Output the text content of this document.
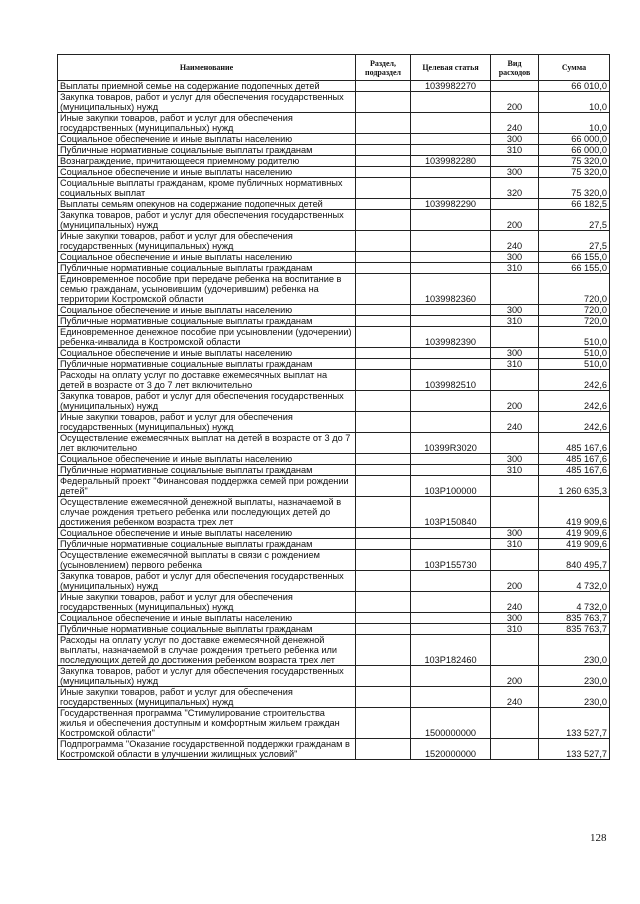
Наименование	Раздел, подраздел	Целевая статья	Вид расходов	Сумма
Выплаты приемной семье на содержание подопечных детей		1039982270		66 010,0
Закупка товаров, работ и услуг для обеспечения государственных (муниципальных) нужд			200	10,0
Иные закупки товаров, работ и услуг для обеспечения государственных (муниципальных) нужд			240	10,0
Социальное обеспечение и иные выплаты населению			300	66 000,0
Публичные нормативные социальные выплаты гражданам			310	66 000,0
Вознаграждение, причитающееся приемному родителю		1039982280		75 320,0
Социальное обеспечение и иные выплаты населению			300	75 320,0
Социальные выплаты гражданам, кроме публичных нормативных социальных выплат			320	75 320,0
Выплаты семьям опекунов на содержание подопечных детей		1039982290		66 182,5
Закупка товаров, работ и услуг для обеспечения государственных (муниципальных) нужд			200	27,5
Иные закупки товаров, работ и услуг для обеспечения государственных (муниципальных) нужд			240	27,5
Социальное обеспечение и иные выплаты населению			300	66 155,0
Публичные нормативные социальные выплаты гражданам			310	66 155,0
Единовременное пособие при передаче ребенка на воспитание в семью гражданам, усыновившим (удочерившим) ребенка на территории Костромской области		1039982360		720,0
Социальное обеспечение и иные выплаты населению			300	720,0
Публичные нормативные социальные выплаты гражданам			310	720,0
Единовременное денежное пособие при усыновлении (удочерении) ребенка-инвалида в Костромской области		1039982390		510,0
Социальное обеспечение и иные выплаты населению			300	510,0
Публичные нормативные социальные выплаты гражданам			310	510,0
Расходы на оплату услуг по доставке ежемесячных выплат на детей в возрасте от 3 до 7 лет включительно		1039982510		242,6
Закупка товаров, работ и услуг для обеспечения государственных (муниципальных) нужд			200	242,6
Иные закупки товаров, работ и услуг для обеспечения государственных (муниципальных) нужд			240	242,6
Осуществление ежемесячных выплат на детей в возрасте от 3 до 7 лет включительно		10399R3020		485 167,6
Социальное обеспечение и иные выплаты населению			300	485 167,6
Публичные нормативные социальные выплаты гражданам			310	485 167,6
Федеральный проект "Финансовая поддержка семей при рождении детей"		103P100000		1 260 635,3
Осуществление ежемесячной денежной выплаты, назначаемой в случае рождения третьего ребенка или последующих детей до достижения ребенком возраста трех лет		103P150840		419 909,6
Социальное обеспечение и иные выплаты населению			300	419 909,6
Публичные нормативные социальные выплаты гражданам			310	419 909,6
Осуществление ежемесячной выплаты в связи с рождением (усыновлением) первого ребенка		103P155730		840 495,7
Закупка товаров, работ и услуг для обеспечения государственных (муниципальных) нужд			200	4 732,0
Иные закупки товаров, работ и услуг для обеспечения государственных (муниципальных) нужд			240	4 732,0
Социальное обеспечение и иные выплаты населению			300	835 763,7
Публичные нормативные социальные выплаты гражданам			310	835 763,7
Расходы на оплату услуг по доставке ежемесячной денежной выплаты, назначаемой в случае рождения третьего ребенка или последующих детей до достижения ребенком возраста трех лет		103P182460		230,0
Закупка товаров, работ и услуг для обеспечения государственных (муниципальных) нужд			200	230,0
Иные закупки товаров, работ и услуг для обеспечения государственных (муниципальных) нужд			240	230,0
Государственная программа "Стимулирование строительства жилья и обеспечения доступным и комфортным жильем граждан Костромской области"		1500000000		133 527,7
Подпрограмма "Оказание государственной поддержки гражданам в Костромской области в улучшении жилищных условий"		1520000000		133 527,7
128
